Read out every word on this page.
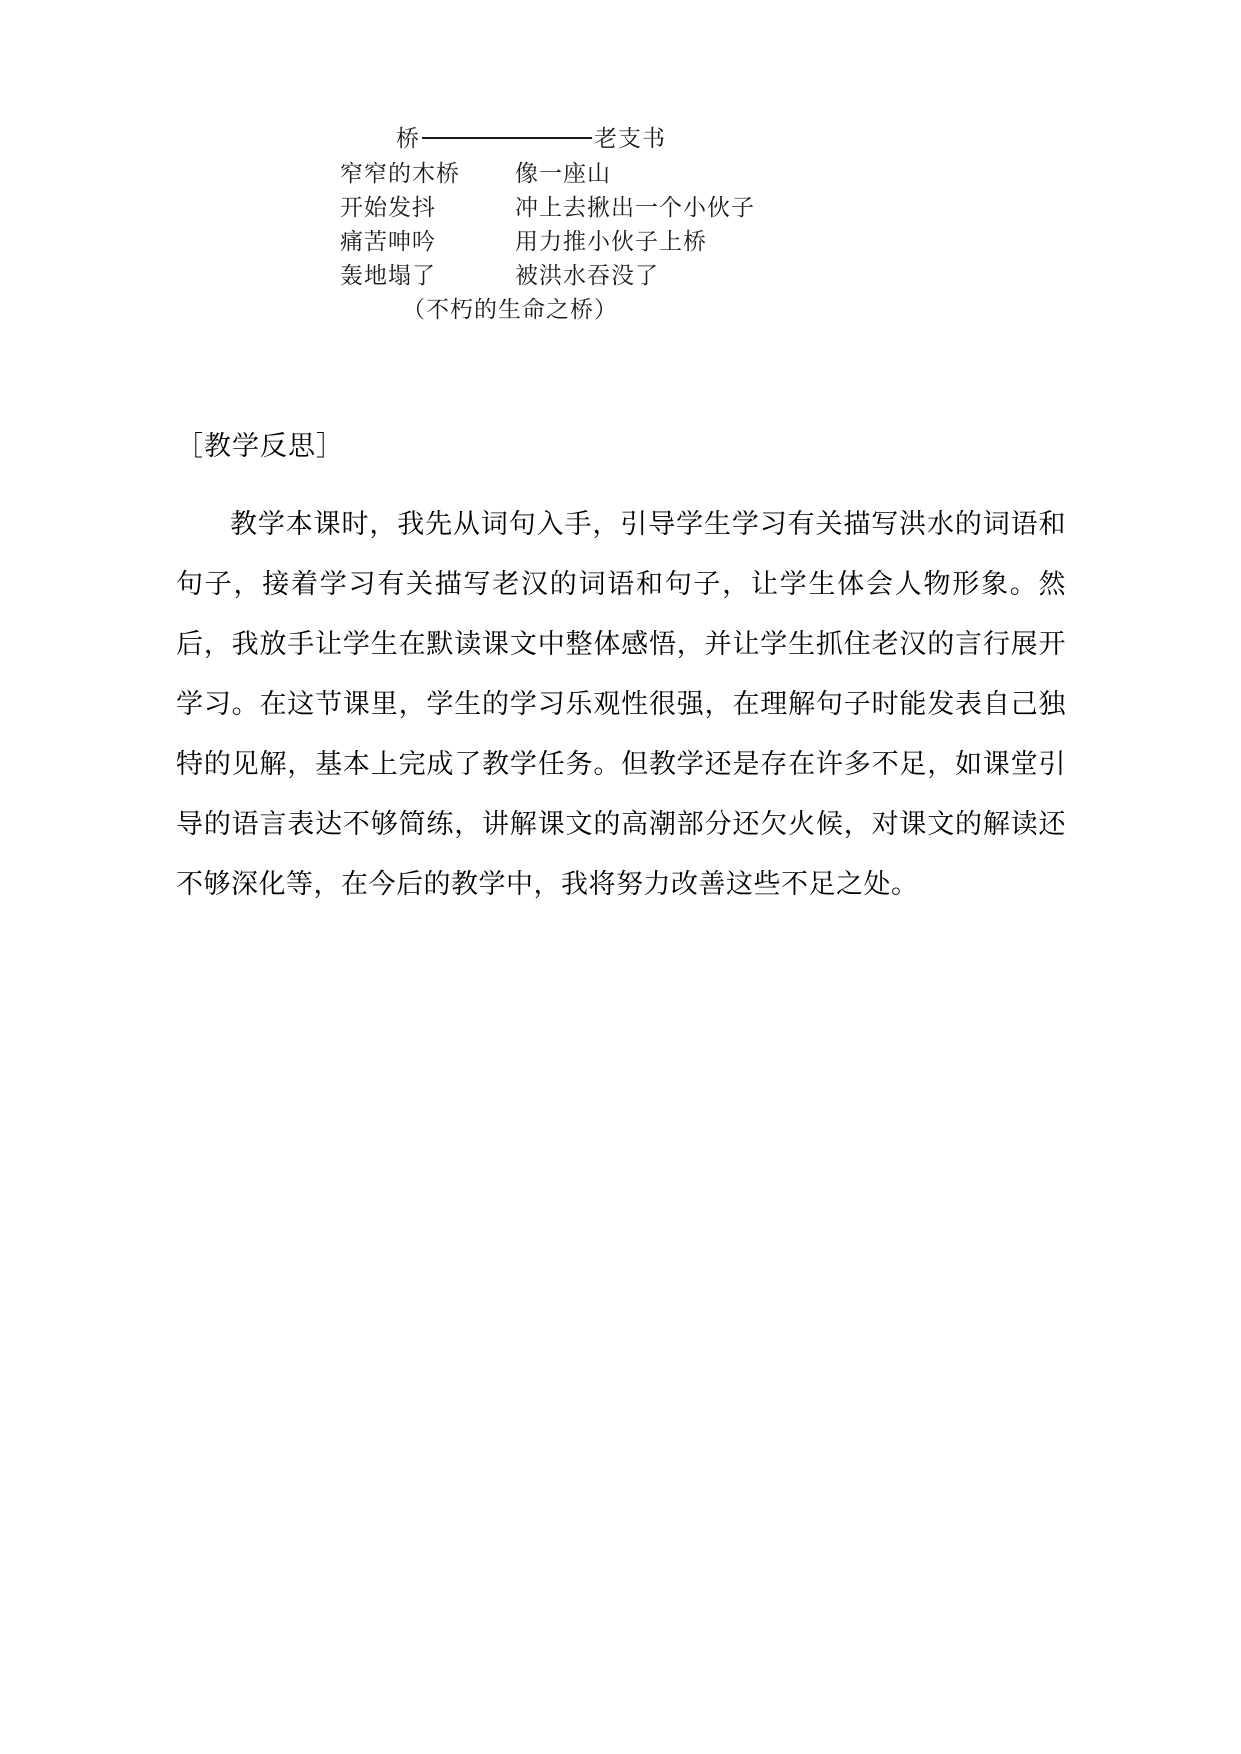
桥	老支书
窄窄的木桥	像一座山
开始发抖	冲上去揪出一个小伙子
痛苦呻吟	用力推小伙子上桥
轰地塌了	被洪水吞没了
（不朽的生命之桥）
［教学反思］
教学本课时，我先从词句入手，引导学生学习有关描写洪水的词语和句子，接着学习有关描写老汉的词语和句子，让学生体会人物形象。然后，我放手让学生在默读课文中整体感悟，并让学生抓住老汉的言行展开学习。在这节课里，学生的学习乐观性很强，在理解句子时能发表自己独特的见解，基本上完成了教学任务。但教学还是存在许多不足，如课堂引导的语言表达不够简练，讲解课文的高潮部分还欠火候，对课文的解读还不够深化等，在今后的教学中，我将努力改善这些不足之处。
